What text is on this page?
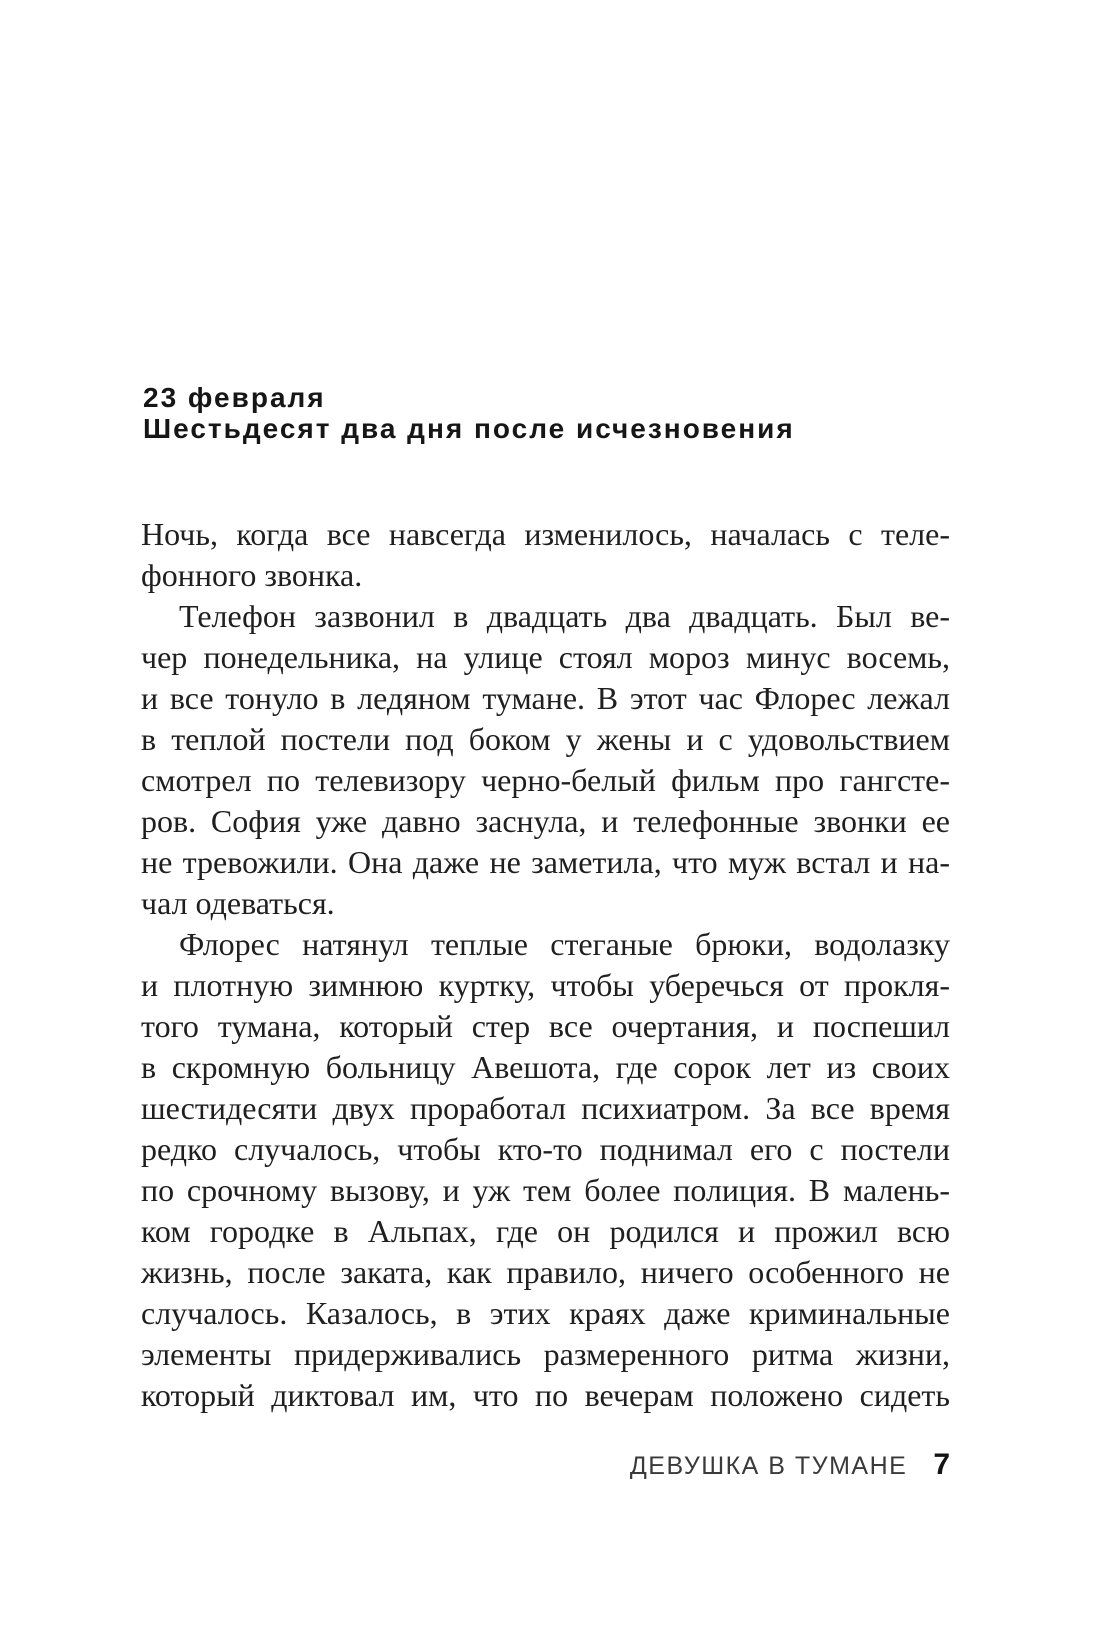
23 февраля
Шестьдесят два дня после исчезновения
Ночь, когда все навсегда изменилось, началась с теле-
фонного звонка.
Телефон зазвонил в двадцать два двадцать. Был ве-
чер понедельника, на улице стоял мороз минус восемь,
и все тонуло в ледяном тумане. В этот час Флорес лежал
в теплой постели под боком у жены и с удовольствием
смотрел по телевизору черно-белый фильм про гангсте-
ров. София уже давно заснула, и телефонные звонки ее
не тревожили. Она даже не заметила, что муж встал и на-
чал одеваться.
Флорес натянул теплые стеганые брюки, водолазку
и плотную зимнюю куртку, чтобы уберечься от прокля-
того тумана, который стер все очертания, и поспешил
в скромную больницу Авешота, где сорок лет из своих
шестидесяти двух проработал психиатром. За все время
редко случалось, чтобы кто-то поднимал его с постели
по срочному вызову, и уж тем более полиция. В малень-
ком городке в Альпах, где он родился и прожил всю
жизнь, после заката, как правило, ничего особенного не
случалось. Казалось, в этих краях даже криминальные
элементы придерживались размеренного ритма жизни,
который диктовал им, что по вечерам положено сидеть
ДЕВУШКА В ТУМАНЕ 7
